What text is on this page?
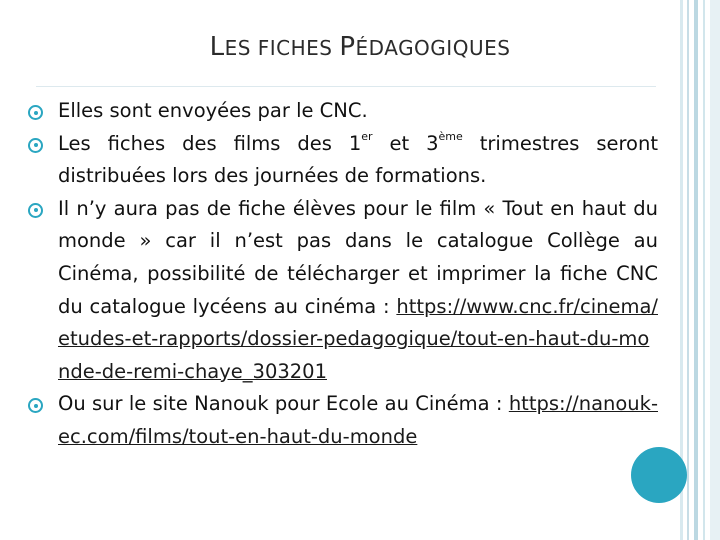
LES FICHES PÉDAGOGIQUES
Elles sont envoyées par le CNC.
Les fiches des films des 1er et 3ème trimestres seront distribuées lors des journées de formations.
Il n’y aura pas de fiche élèves pour le film « Tout en haut du monde » car il n’est pas dans le catalogue Collège au Cinéma, possibilité de télécharger et imprimer la fiche CNC du catalogue lycéens au cinéma : https://www.cnc.fr/cinema/etudes-et-rapports/dossier-pedagogique/tout-en-haut-du-monde-de-remi-chaye_303201
Ou sur le site Nanouk pour Ecole au Cinéma : https://nanouk-ec.com/films/tout-en-haut-du-monde
